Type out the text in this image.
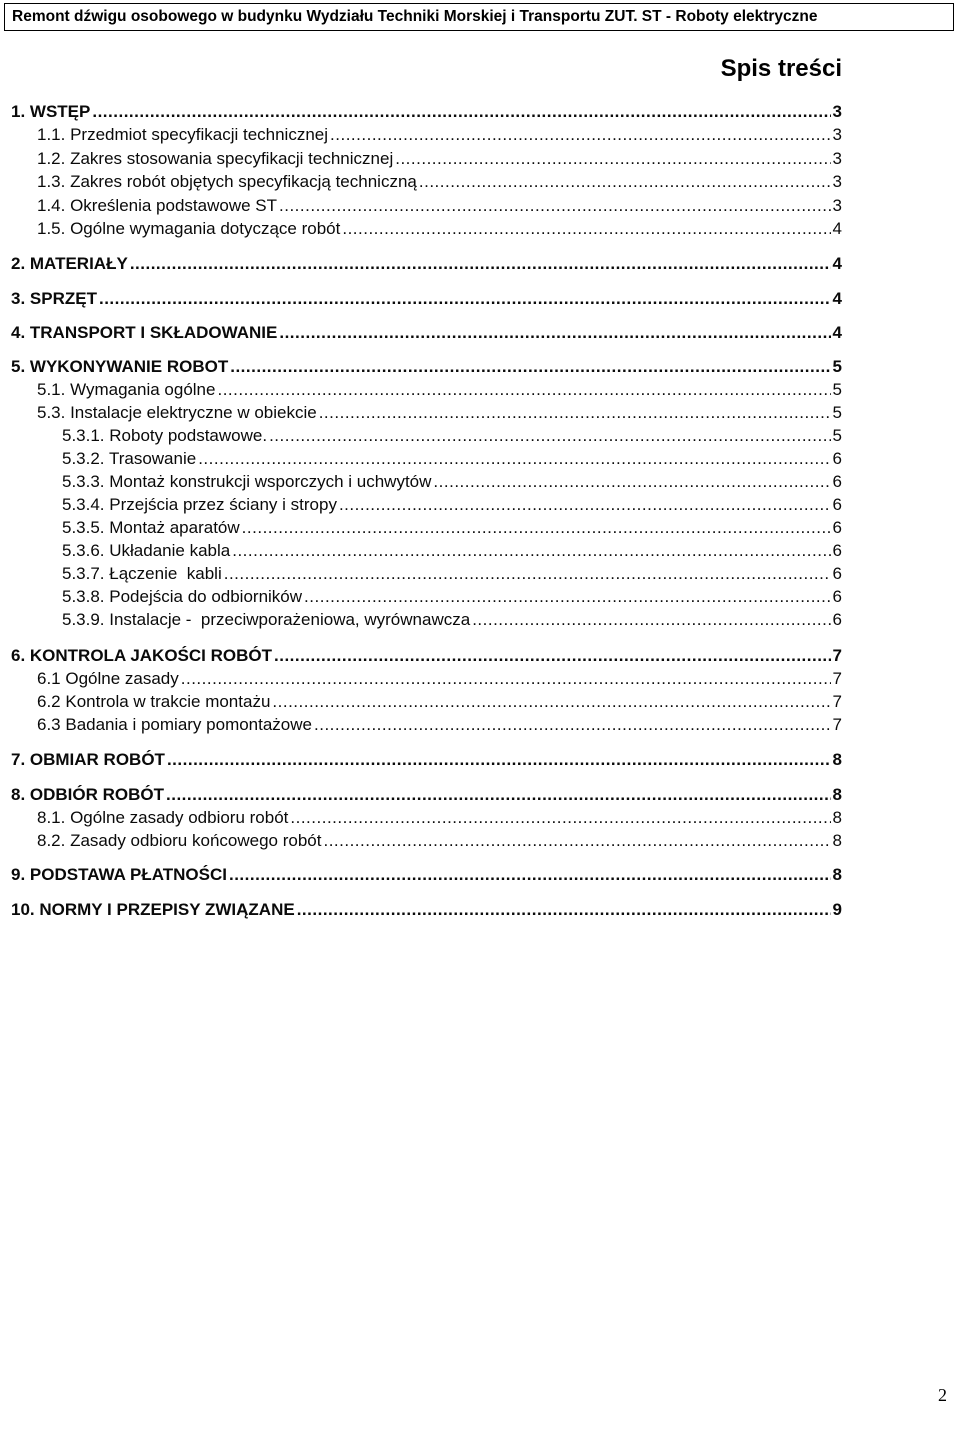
Remont dźwigu osobowego w budynku Wydziału Techniki Morskiej i Transportu ZUT. ST - Roboty elektryczne
Spis treści
1. WSTĘP .....	3
1.1. Przedmiot specyfikacji technicznej .....	3
1.2. Zakres stosowania specyfikacji technicznej .....	3
1.3. Zakres robót objętych specyfikacją techniczną .....	3
1.4. Określenia podstawowe ST .....	3
1.5. Ogólne wymagania dotyczące robót .....	4
2. MATERIAŁY .....	4
3. SPRZĘT .....	4
4. TRANSPORT I SKŁADOWANIE .....	4
5. WYKONYWANIE ROBOT .....	5
5.1. Wymagania ogólne .....	5
5.3. Instalacje elektryczne w obiekcie .....	5
5.3.1. Roboty podstawowe. .....	5
5.3.2. Trasowanie .....	6
5.3.3. Montaż konstrukcji wsporczych i uchwytów .....	6
5.3.4. Przejścia przez ściany i stropy .....	6
5.3.5. Montaż aparatów .....	6
5.3.6. Układanie kabla .....	6
5.3.7. Łączenie  kabli .....	6
5.3.8. Podejścia do odbiorników .....	6
5.3.9. Instalacje -  przeciwporażeniowa, wyrównawcza .....	6
6. KONTROLA JAKOŚCI ROBÓT .....	7
6.1 Ogólne zasady .....	7
6.2 Kontrola w trakcie montażu .....	7
6.3 Badania i pomiary pomontażowe .....	7
7. OBMIAR ROBÓT .....	8
8. ODBIÓR ROBÓT .....	8
8.1. Ogólne zasady odbioru robót .....	8
8.2. Zasady odbioru końcowego robót .....	8
9. PODSTAWA PŁATNOŚCI .....	8
10. NORMY I PRZEPISY ZWIĄZANE .....	9
2
